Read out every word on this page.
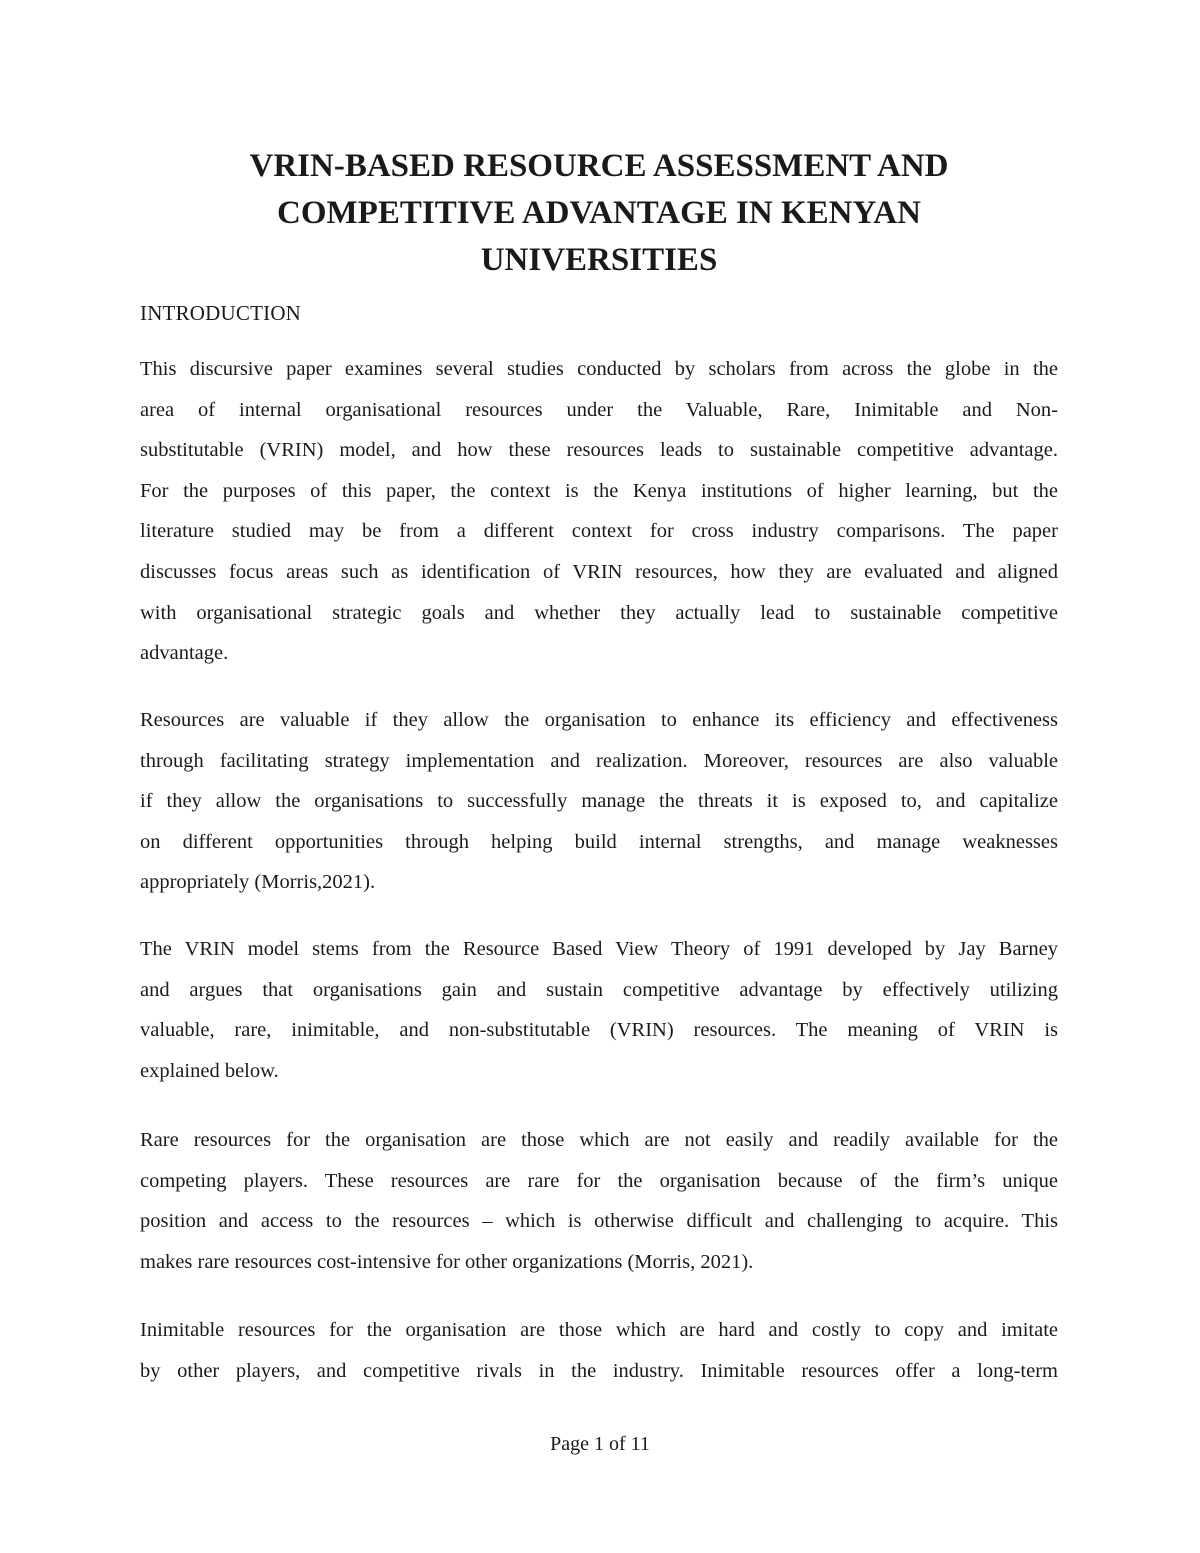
VRIN-BASED RESOURCE ASSESSMENT AND
COMPETITIVE ADVANTAGE IN KENYAN
UNIVERSITIES
INTRODUCTION

This discursive paper examines several studies conducted by scholars from across the globe in the
area of internal organisational resources under the Valuable, Rare, Inimitable and Non-
substitutable (VRIN) model, and how these resources leads to sustainable competitive advantage.
For the purposes of this paper, the context is the Kenya institutions of higher learning, but the
literature studied may be from a different context for cross industry comparisons. The paper
discusses focus areas such as identification of VRIN resources, how they are evaluated and aligned
with organisational strategic goals and whether they actually lead to sustainable competitive
advantage.

Resources are valuable if they allow the organisation to enhance its efficiency and effectiveness
through facilitating strategy implementation and realization. Moreover, resources are also valuable
if they allow the organisations to successfully manage the threats it is exposed to, and capitalize
on different opportunities through helping build internal strengths, and manage weaknesses
appropriately (Morris,2021).

The VRIN model stems from the Resource Based View Theory of 1991 developed by Jay Barney
and argues that organisations gain and sustain competitive advantage by effectively utilizing
valuable, rare, inimitable, and non-substitutable (VRIN) resources. The meaning of VRIN is
explained below.

Rare resources for the organisation are those which are not easily and readily available for the
competing players. These resources are rare for the organisation because of the firm’s unique
position and access to the resources – which is otherwise difficult and challenging to acquire. This
makes rare resources cost-intensive for other organizations (Morris, 2021).

Inimitable resources for the organisation are those which are hard and costly to copy and imitate
by other players, and competitive rivals in the industry. Inimitable resources offer a long-term

Page 1 of 11
